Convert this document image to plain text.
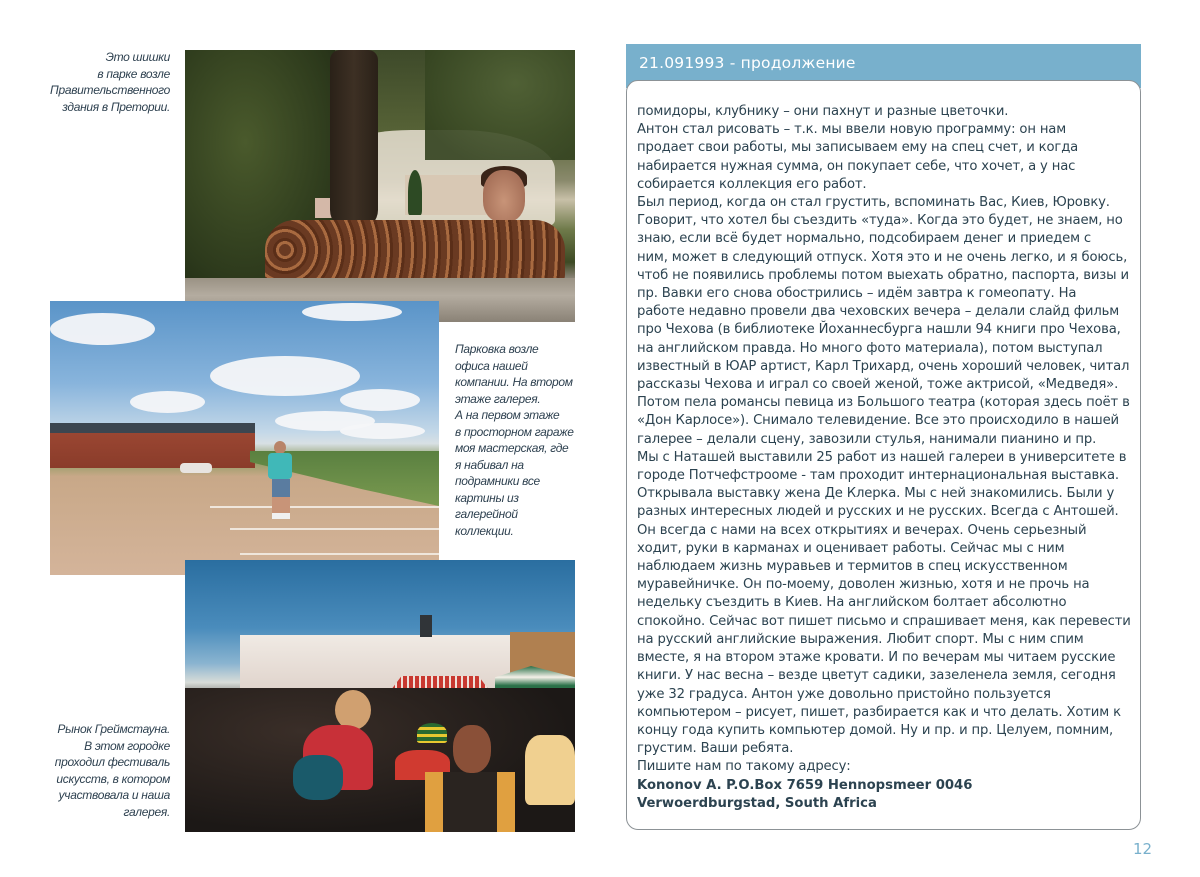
Это шишки
в парке возле
Правительственного
здания в Претории.
Парковка возле
офиса нашей
компании. На втором
этаже галерея.
А на первом этаже
в просторном гараже
моя мастерская, где
я набивал на
подрамники все
картины из
галерейной
коллекции.
Рынок Греймстауна.
В этом городке
проходил фестиваль
искусств, в котором
участвовала и наша
галерея.
21.091993 - продолжение
помидоры, клубнику – они пахнут и разные цветочки.
Антон стал рисовать – т.к. мы ввели новую программу: он нам
продает свои работы, мы записываем ему на спец счет, и когда
набирается нужная сумма, он покупает себе, что хочет, а у нас
собирается коллекция его работ.
Был период, когда он стал грустить, вспоминать Вас, Киев, Юровку.
Говорит, что хотел бы съездить «туда». Когда это будет, не знаем, но
знаю, если всё будет нормально, подсобираем денег и приедем с
ним, может в следующий отпуск. Хотя это и не очень легко, и я боюсь,
чтоб не появились проблемы потом выехать обратно, паспорта, визы и
пр. Вавки его снова обострились – идём завтра к гомеопату. На
работе недавно провели два чеховских вечера – делали слайд фильм
про Чехова (в библиотеке Йоханнесбурга нашли 94 книги про Чехова,
на английском правда. Но много фото материала), потом выступал
известный в ЮАР артист, Карл Трихард, очень хороший человек, читал
рассказы Чехова и играл со своей женой, тоже актрисой, «Медведя».
Потом пела романсы певица из Большого театра (которая здесь поёт в
«Дон Карлосе»). Снимало телевидение. Все это происходило в нашей
галерее – делали сцену, завозили стулья, нанимали пианино и пр.
Мы с Наташей выставили 25 работ из нашей галереи в университете в
городе Потчефстрооме - там проходит интернациональная выставка.
Открывала выставку жена Де Клерка. Мы с ней знакомились. Были у
разных интересных людей и русских и не русских. Всегда с Антошей.
Он всегда с нами на всех открытиях и вечерах. Очень серьезный
ходит, руки в карманах и оценивает работы. Сейчас мы с ним
наблюдаем жизнь муравьев и термитов в спец искусственном
муравейничке. Он по-моему, доволен жизнью, хотя и не прочь на
недельку съездить в Киев. На английском болтает абсолютно
спокойно. Сейчас вот пишет письмо и спрашивает меня, как перевести
на русский английские выражения. Любит спорт. Мы с ним спим
вместе, я на втором этаже кровати. И по вечерам мы читаем русские
книги. У нас весна – везде цветут садики, зазеленела земля, сегодня
уже 32 градуса. Антон уже довольно пристойно пользуется
компьютером – рисует, пишет, разбирается как и что делать. Хотим к
концу года купить компьютер домой. Ну и пр. и пр. Целуем, помним,
грустим. Ваши ребята.
Пишите нам по такому адресу:
Kononov A. P.O.Box 7659 Hennopsmeer 0046
Verwoerdburgstad, South Africa
12
